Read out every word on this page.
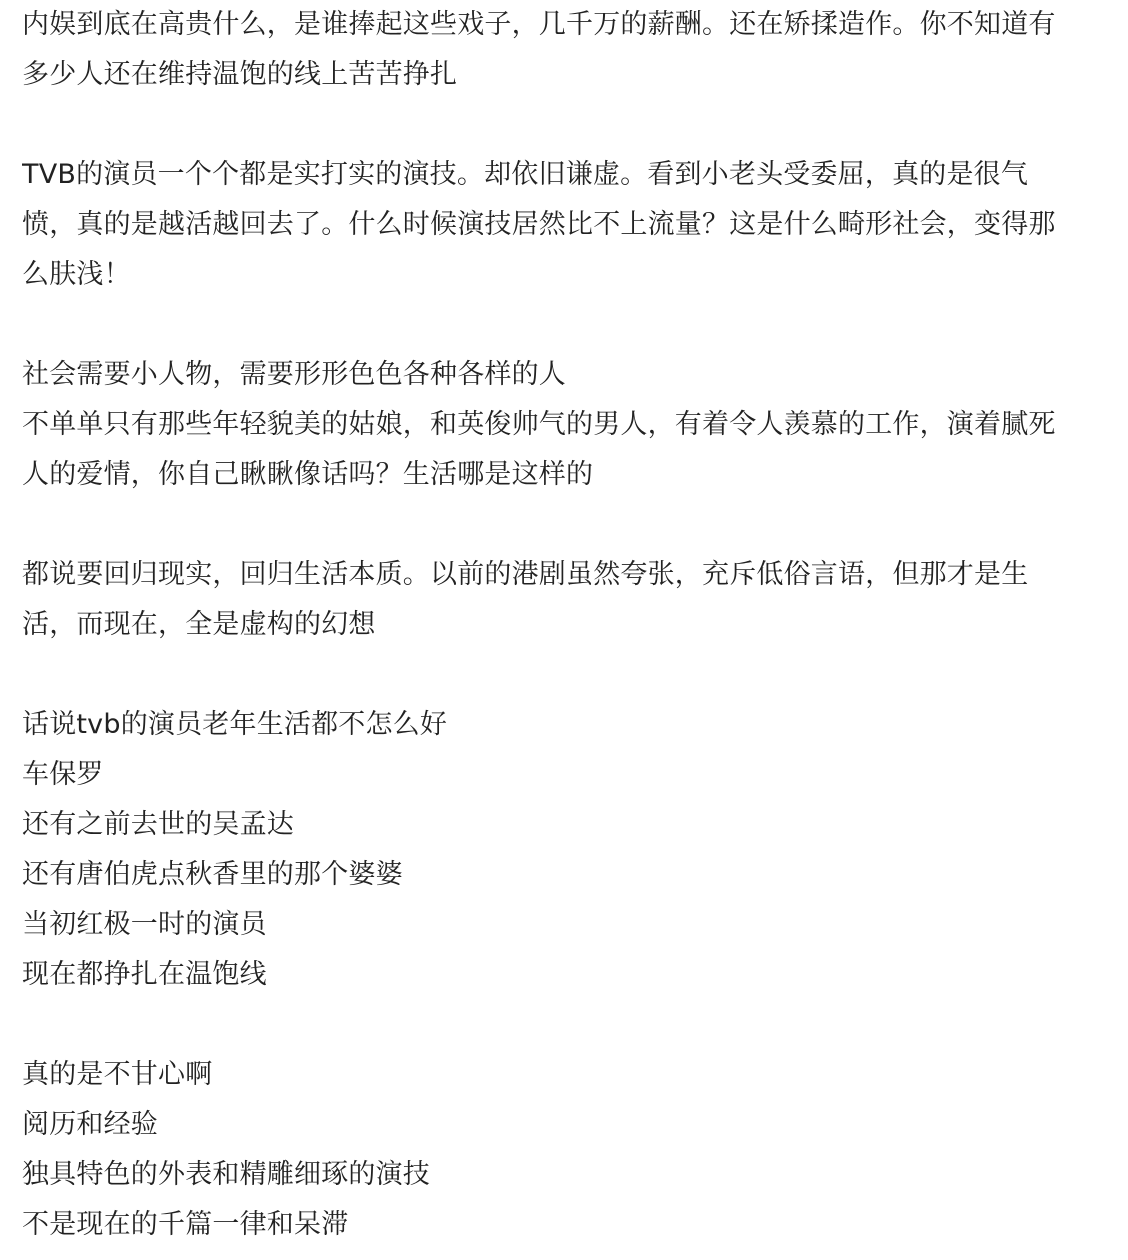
内娱到底在高贵什么，是谁捧起这些戏子，几千万的薪酬。还在矫揉造作。你不知道有
多少人还在维持温饱的线上苦苦挣扎
TVB的演员一个个都是实打实的演技。却依旧谦虚。看到小老头受委屈，真的是很气
愤，真的是越活越回去了。什么时候演技居然比不上流量？这是什么畸形社会，变得那
么肤浅！
社会需要小人物，需要形形色色各种各样的人
不单单只有那些年轻貌美的姑娘，和英俊帅气的男人，有着令人羡慕的工作，演着腻死
人的爱情，你自己瞅瞅像话吗？生活哪是这样的
都说要回归现实，回归生活本质。以前的港剧虽然夸张，充斥低俗言语，但那才是生
活，而现在，全是虚构的幻想
话说tvb的演员老年生活都不怎么好
车保罗
还有之前去世的吴孟达
还有唐伯虎点秋香里的那个婆婆
当初红极一时的演员
现在都挣扎在温饱线
真的是不甘心啊
阅历和经验
独具特色的外表和精雕细琢的演技
不是现在的千篇一律和呆滞
